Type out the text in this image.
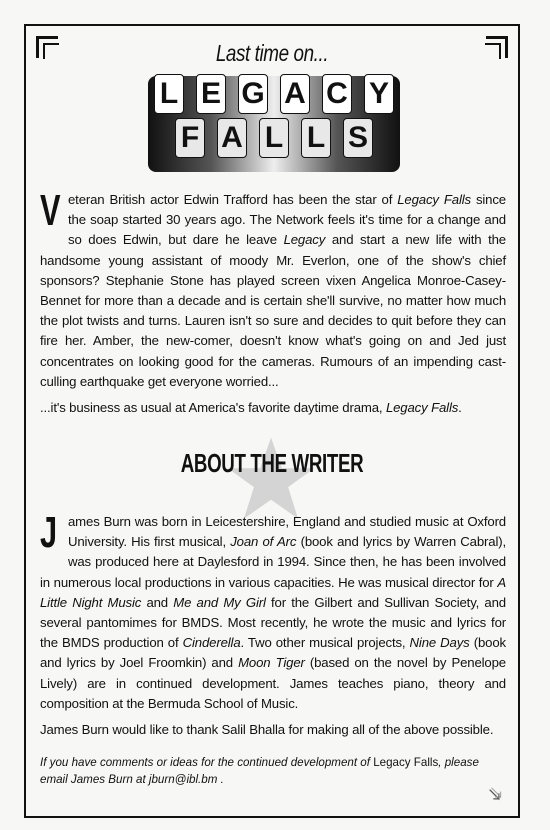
Last time on...
L E G A C Y
F A L L S
Veteran British actor Edwin Trafford has been the star of Legacy Falls since the soap started 30 years ago. The Network feels it's time for a change and so does Edwin, but dare he leave Legacy and start a new life with the handsome young assistant of moody Mr. Everlon, one of the show's chief sponsors? Stephanie Stone has played screen vixen Angelica Monroe-Casey-Bennet for more than a decade and is certain she'll survive, no matter how much the plot twists and turns. Lauren isn't so sure and decides to quit before they can fire her. Amber, the new-comer, doesn't know what's going on and Jed just concentrates on looking good for the cameras. Rumours of an impending cast-culling earthquake get everyone worried...
...it's business as usual at America's favorite daytime drama, Legacy Falls.
ABOUT THE WRITER
James Burn was born in Leicestershire, England and studied music at Oxford University. His first musical, Joan of Arc (book and lyrics by Warren Cabral), was produced here at Daylesford in 1994. Since then, he has been involved in numerous local productions in various capacities. He was musical director for A Little Night Music and Me and My Girl for the Gilbert and Sullivan Society, and several pantomimes for BMDS. Most recently, he wrote the music and lyrics for the BMDS production of Cinderella. Two other musical projects, Nine Days (book and lyrics by Joel Froomkin) and Moon Tiger (based on the novel by Penelope Lively) are in continued development. James teaches piano, theory and composition at the Bermuda School of Music.
James Burn would like to thank Salil Bhalla for making all of the above possible.
If you have comments or ideas for the continued development of Legacy Falls, please email James Burn at jburn@ibl.bm .
